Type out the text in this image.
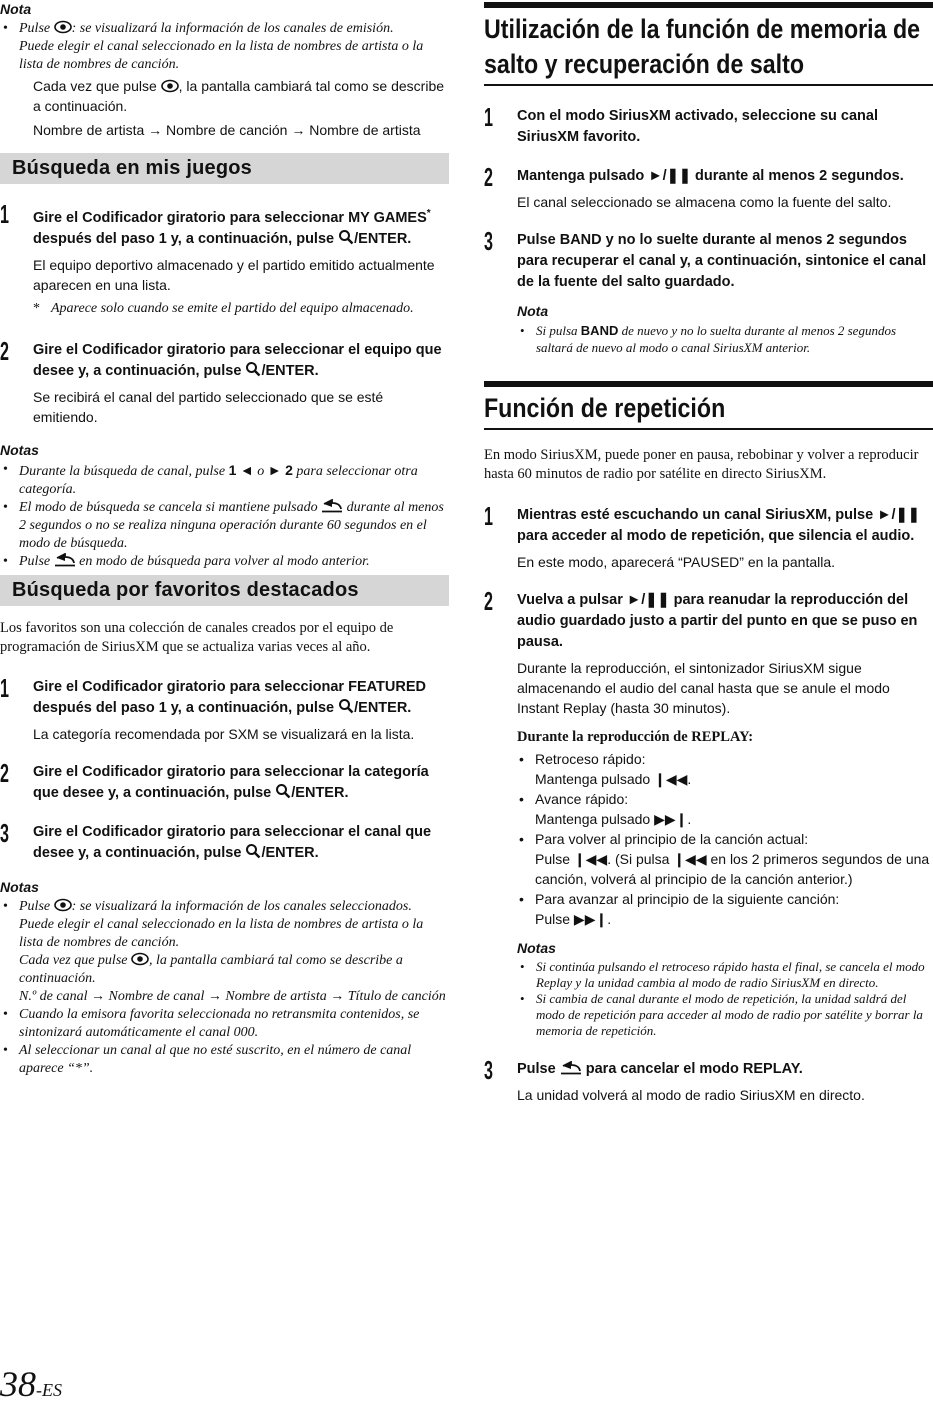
Nota
• Pulse : se visualizará la información de los canales de emisión.
Puede elegir el canal seleccionado en la lista de nombres de artista o la lista de nombres de canción.
Cada vez que pulse , la pantalla cambiará tal como se describe a continuación.
Nombre de artista → Nombre de canción → Nombre de artista
Búsqueda en mis juegos
1 Gire el Codificador giratorio para seleccionar MY GAMES* después del paso 1 y, a continuación, pulse /ENTER.
El equipo deportivo almacenado y el partido emitido actualmente aparecen en una lista.
* Aparece solo cuando se emite el partido del equipo almacenado.
2 Gire el Codificador giratorio para seleccionar el equipo que desee y, a continuación, pulse /ENTER.
Se recibirá el canal del partido seleccionado que se esté emitiendo.
Notas
• Durante la búsqueda de canal, pulse 1 ◄ o ► 2 para seleccionar otra categoría.
• El modo de búsqueda se cancela si mantiene pulsado durante al menos 2 segundos o no se realiza ninguna operación durante 60 segundos en el modo de búsqueda.
• Pulse en modo de búsqueda para volver al modo anterior.
Búsqueda por favoritos destacados
Los favoritos son una colección de canales creados por el equipo de programación de SiriusXM que se actualiza varias veces al año.
1 Gire el Codificador giratorio para seleccionar FEATURED después del paso 1 y, a continuación, pulse /ENTER.
La categoría recomendada por SXM se visualizará en la lista.
2 Gire el Codificador giratorio para seleccionar la categoría que desee y, a continuación, pulse /ENTER.
3 Gire el Codificador giratorio para seleccionar el canal que desee y, a continuación, pulse /ENTER.
Notas
• Pulse : se visualizará la información de los canales seleccionados. Puede elegir el canal seleccionado en la lista de nombres de artista o la lista de nombres de canción.
Cada vez que pulse , la pantalla cambiará tal como se describe a continuación.
N.º de canal → Nombre de canal → Nombre de artista → Título de canción
• Cuando la emisora favorita seleccionada no retransmita contenidos, se sintonizará automáticamente el canal 000.
• Al seleccionar un canal al que no esté suscrito, en el número de canal aparece “*”.
38-ES
Utilización de la función de memoria de
salto y recuperación de salto
1 Con el modo SiriusXM activado, seleccione su canal SiriusXM favorito.
2 Mantenga pulsado ►/❚❚ durante al menos 2 segundos.
El canal seleccionado se almacena como la fuente del salto.
3 Pulse BAND y no lo suelte durante al menos 2 segundos para recuperar el canal y, a continuación, sintonice el canal de la fuente del salto guardado.
Nota
• Si pulsa BAND de nuevo y no lo suelta durante al menos 2 segundos saltará de nuevo al modo o canal SiriusXM anterior.
Función de repetición
En modo SiriusXM, puede poner en pausa, rebobinar y volver a reproducir hasta 60 minutos de radio por satélite en directo SiriusXM.
1 Mientras esté escuchando un canal SiriusXM, pulse ►/❚❚ para acceder al modo de repetición, que silencia el audio.
En este modo, aparecerá “PAUSED” en la pantalla.
2 Vuelva a pulsar ►/❚❚ para reanudar la reproducción del audio guardado justo a partir del punto en que se puso en pausa.
Durante la reproducción, el sintonizador SiriusXM sigue almacenando el audio del canal hasta que se anule el modo Instant Replay (hasta 30 minutos).
Durante la reproducción de REPLAY:
• Retroceso rápido:
Mantenga pulsado ❙◀◀.
• Avance rápido:
Mantenga pulsado ▶▶❙.
• Para volver al principio de la canción actual:
Pulse ❙◀◀. (Si pulsa ❙◀◀ en los 2 primeros segundos de una canción, volverá al principio de la canción anterior.)
• Para avanzar al principio de la siguiente canción:
Pulse ▶▶❙.
Notas
• Si continúa pulsando el retroceso rápido hasta el final, se cancela el modo Replay y la unidad cambia al modo de radio SiriusXM en directo.
• Si cambia de canal durante el modo de repetición, la unidad saldrá del modo de repetición para acceder al modo de radio por satélite y borrar la memoria de repetición.
3 Pulse para cancelar el modo REPLAY.
La unidad volverá al modo de radio SiriusXM en directo.
